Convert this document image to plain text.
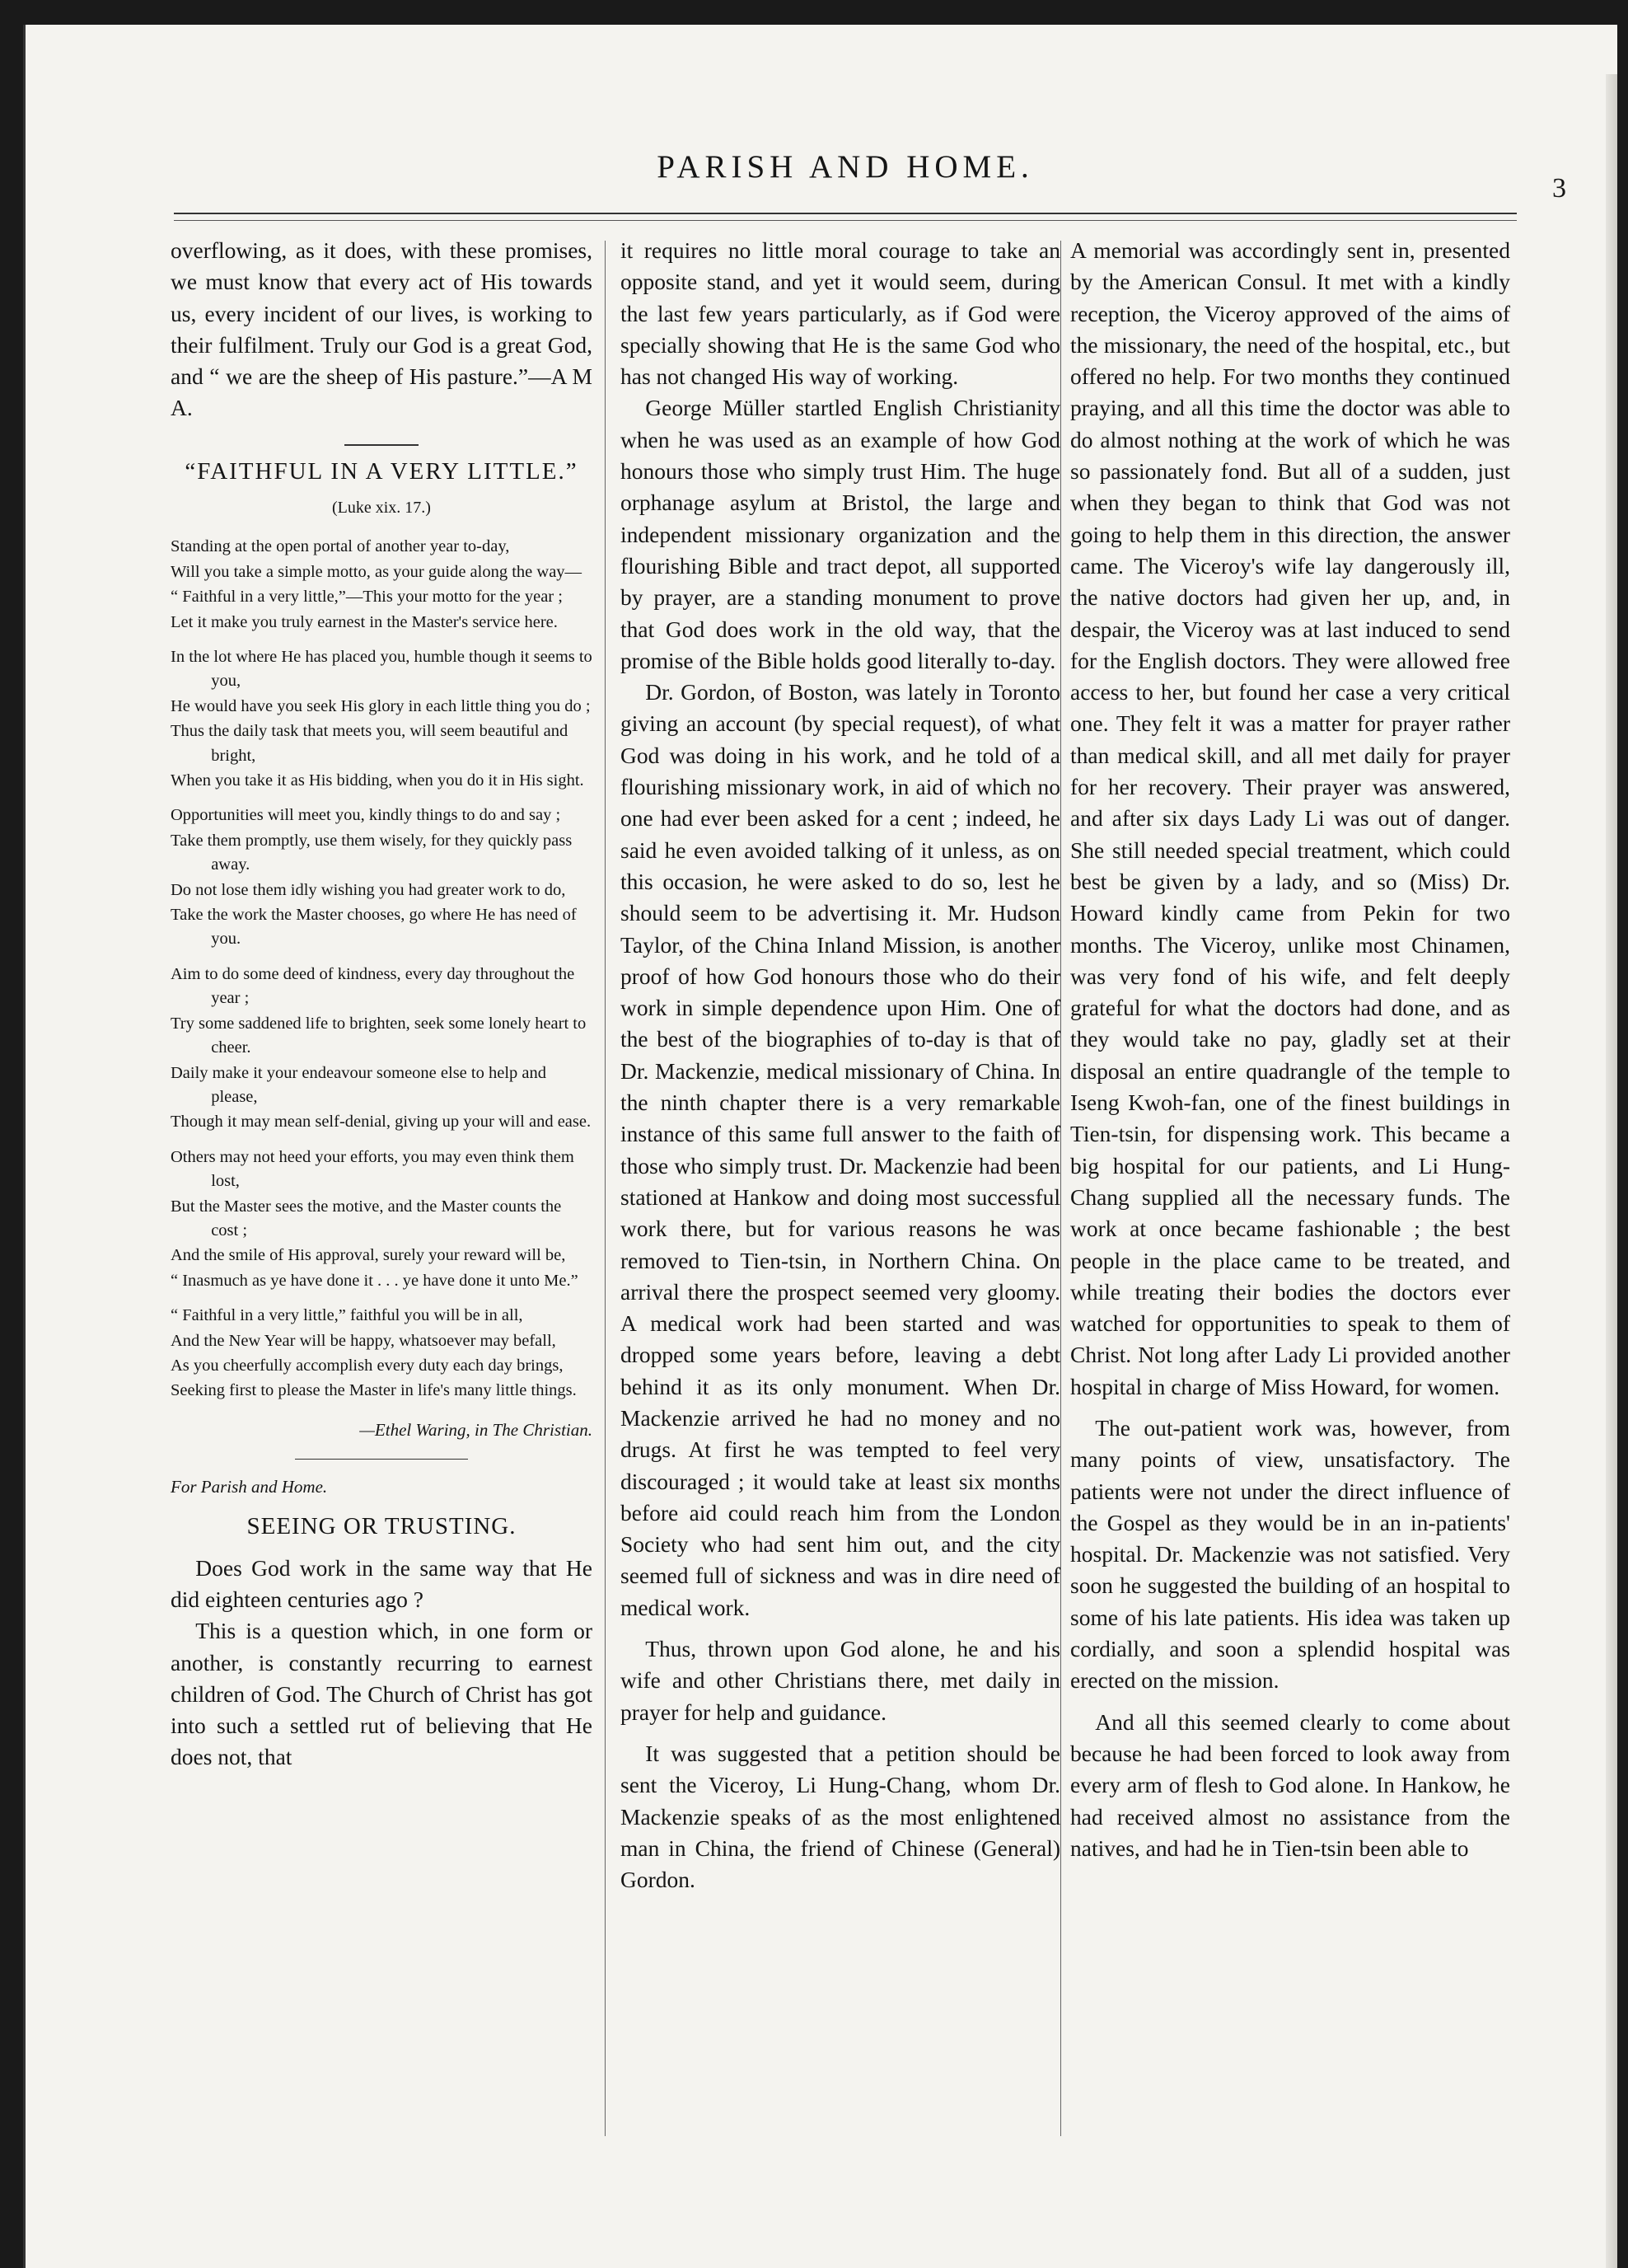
PARISH AND HOME.
3

overflowing, as it does, with these promises, we must know that every act of His towards us, every incident of our lives, is working to their fulfilment. Truly our God is a great God, and “ we are the sheep of His pasture.”—A M A.

“FAITHFUL IN A VERY LITTLE.”
(Luke xix. 17.)
Standing at the open portal of another year to-day,
Will you take a simple motto, as your guide along the way—
“ Faithful in a very little,”—This your motto for the year ;
Let it make you truly earnest in the Master's service here.
In the lot where He has placed you, humble though it seems to you,
He would have you seek His glory in each little thing you do ;
Thus the daily task that meets you, will seem beautiful and bright,
When you take it as His bidding, when you do it in His sight.
Opportunities will meet you, kindly things to do and say ;
Take them promptly, use them wisely, for they quickly pass away.
Do not lose them idly wishing you had greater work to do,
Take the work the Master chooses, go where He has need of you.
Aim to do some deed of kindness, every day throughout the year ;
Try some saddened life to brighten, seek some lonely heart to cheer.
Daily make it your endeavour someone else to help and please,
Though it may mean self-denial, giving up your will and ease.
Others may not heed your efforts, you may even think them lost,
But the Master sees the motive, and the Master counts the cost ;
And the smile of His approval, surely your reward will be,
“ Inasmuch as ye have done it . . . ye have done it unto Me.”
“ Faithful in a very little,” faithful you will be in all,
And the New Year will be happy, whatsoever may befall,
As you cheerfully accomplish every duty each day brings,
Seeking first to please the Master in life's many little things.
—Ethel Waring, in The Christian.
For Parish and Home.
SEEING OR TRUSTING.

Does God work in the same way that He did eighteen centuries ago ?

This is a question which, in one form or another, is constantly recurring to earnest children of God. The Church of Christ has got into such a settled rut of believing that He does not, that

it requires no little moral courage to take an opposite stand, and yet it would seem, during the last few years particularly, as if God were specially showing that He is the same God who has not changed His way of working.

George Müller startled English Christianity when he was used as an example of how God honours those who simply trust Him. The huge orphanage asylum at Bristol, the large and independent missionary organization and the flourishing Bible and tract depot, all supported by prayer, are a standing monument to prove that God does work in the old way, that the promise of the Bible holds good literally to-day.

Dr. Gordon, of Boston, was lately in Toronto giving an account (by special request), of what God was doing in his work, and he told of a flourishing missionary work, in aid of which no one had ever been asked for a cent ; indeed, he said he even avoided talking of it unless, as on this occasion, he were asked to do so, lest he should seem to be advertising it. Mr. Hudson Taylor, of the China Inland Mission, is another proof of how God honours those who do their work in simple dependence upon Him. One of the best of the biographies of to-day is that of Dr. Mackenzie, medical missionary of China. In the ninth chapter there is a very remarkable instance of this same full answer to the faith of those who simply trust. Dr. Mackenzie had been stationed at Hankow and doing most successful work there, but for various reasons he was removed to Tien-tsin, in Northern China. On arrival there the prospect seemed very gloomy. A medical work had been started and was dropped some years before, leaving a debt behind it as its only monument. When Dr. Mackenzie arrived he had no money and no drugs. At first he was tempted to feel very discouraged ; it would take at least six months before aid could reach him from the London Society who had sent him out, and the city seemed full of sickness and was in dire need of medical work.

Thus, thrown upon God alone, he and his wife and other Christians there, met daily in prayer for help and guidance.

It was suggested that a petition should be sent the Viceroy, Li Hung-Chang, whom Dr. Mackenzie speaks of as the most enlightened man in China, the friend of Chinese (General) Gordon.

A memorial was accordingly sent in, presented by the American Consul. It met with a kindly reception, the Viceroy approved of the aims of the missionary, the need of the hospital, etc., but offered no help. For two months they continued praying, and all this time the doctor was able to do almost nothing at the work of which he was so passionately fond. But all of a sudden, just when they began to think that God was not going to help them in this direction, the answer came. The Viceroy's wife lay dangerously ill, the native doctors had given her up, and, in despair, the Viceroy was at last induced to send for the English doctors. They were allowed free access to her, but found her case a very critical one. They felt it was a matter for prayer rather than medical skill, and all met daily for prayer for her recovery. Their prayer was answered, and after six days Lady Li was out of danger. She still needed special treatment, which could best be given by a lady, and so (Miss) Dr. Howard kindly came from Pekin for two months. The Viceroy, unlike most Chinamen, was very fond of his wife, and felt deeply grateful for what the doctors had done, and as they would take no pay, gladly set at their disposal an entire quadrangle of the temple to Iseng Kwoh-fan, one of the finest buildings in Tien-tsin, for dispensing work. This became a big hospital for our patients, and Li Hung-Chang supplied all the necessary funds. The work at once became fashionable ; the best people in the place came to be treated, and while treating their bodies the doctors ever watched for opportunities to speak to them of Christ. Not long after Lady Li provided another hospital in charge of Miss Howard, for women.

The out-patient work was, however, from many points of view, unsatisfactory. The patients were not under the direct influence of the Gospel as they would be in an in-patients' hospital. Dr. Mackenzie was not satisfied. Very soon he suggested the building of an hospital to some of his late patients. His idea was taken up cordially, and soon a splendid hospital was erected on the mission.

And all this seemed clearly to come about because he had been forced to look away from every arm of flesh to God alone. In Hankow, he had received almost no assistance from the natives, and had he in Tien-tsin been able to
